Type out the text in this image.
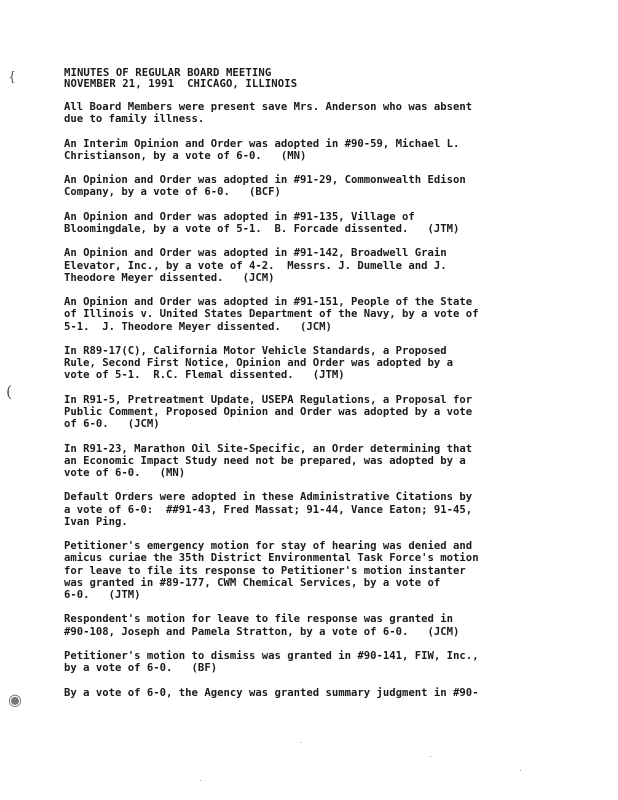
{
(
◉
MINUTES OF REGULAR BOARD MEETING
NOVEMBER 21, 1991  CHICAGO, ILLINOIS

All Board Members were present save Mrs. Anderson who was absent
due to family illness.

An Interim Opinion and Order was adopted in #90-59, Michael L.
Christianson, by a vote of 6-0.   (MN)

An Opinion and Order was adopted in #91-29, Commonwealth Edison
Company, by a vote of 6-0.   (BCF)

An Opinion and Order was adopted in #91-135, Village of
Bloomingdale, by a vote of 5-1.  B. Forcade dissented.   (JTM)

An Opinion and Order was adopted in #91-142, Broadwell Grain
Elevator, Inc., by a vote of 4-2.  Messrs. J. Dumelle and J.
Theodore Meyer dissented.   (JCM)

An Opinion and Order was adopted in #91-151, People of the State
of Illinois v. United States Department of the Navy, by a vote of
5-1.  J. Theodore Meyer dissented.   (JCM)

In R89-17(C), California Motor Vehicle Standards, a Proposed
Rule, Second First Notice, Opinion and Order was adopted by a
vote of 5-1.  R.C. Flemal dissented.   (JTM)

In R91-5, Pretreatment Update, USEPA Regulations, a Proposal for
Public Comment, Proposed Opinion and Order was adopted by a vote
of 6-0.   (JCM)

In R91-23, Marathon Oil Site-Specific, an Order determining that
an Economic Impact Study need not be prepared, was adopted by a
vote of 6-0.   (MN)

Default Orders were adopted in these Administrative Citations by
a vote of 6-0:  ##91-43, Fred Massat; 91-44, Vance Eaton; 91-45,
Ivan Ping.

Petitioner's emergency motion for stay of hearing was denied and
amicus curiae the 35th District Environmental Task Force's motion
for leave to file its response to Petitioner's motion instanter
was granted in #89-177, CWM Chemical Services, by a vote of
6-0.   (JTM)

Respondent's motion for leave to file response was granted in
#90-108, Joseph and Pamela Stratton, by a vote of 6-0.   (JCM)

Petitioner's motion to dismiss was granted in #90-141, FIW, Inc.,
by a vote of 6-0.   (BF)

By a vote of 6-0, the Agency was granted summary judgment in #90-
